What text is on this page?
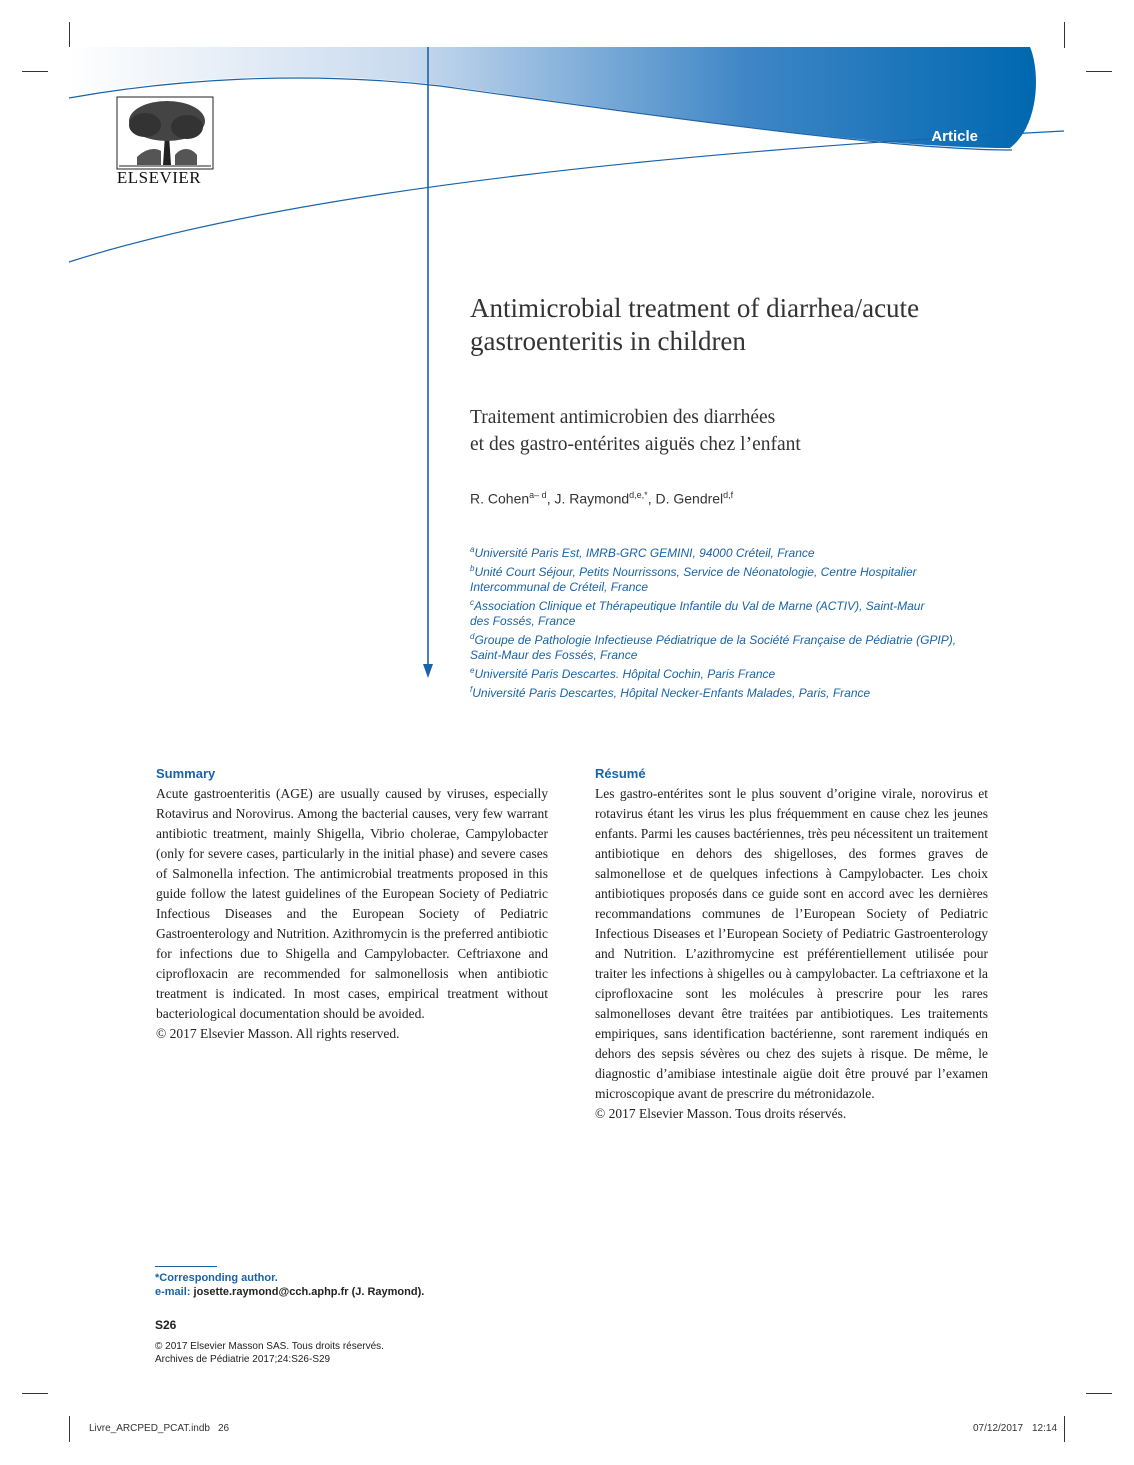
ELSEVIER
Article
Antimicrobial treatment of diarrhea/acute
gastroenteritis in children
Traitement antimicrobien des diarrhées
et des gastro-entérites aiguës chez l’enfant
R. Cohen$^{a- d}$, J. Raymond$^{d,e,*}$, D. Gendrel$^{d,f}$
$^a$Université Paris Est, IMRB-GRC GEMINI, 94000 Créteil, France
$^b$Unité Court Séjour, Petits Nourrissons, Service de Néonatologie, Centre Hospitalier
Intercommunal de Créteil, France
$^c$Association Clinique et Thérapeutique Infantile du Val de Marne (ACTIV), Saint-Maur
des Fossés, France
$^d$Groupe de Pathologie Infectieuse Pédiatrique de la Société Française de Pédiatrie (GPIP),
Saint-Maur des Fossés, France
$^e$Université Paris Descartes. Hôpital Cochin, Paris France
$^f$Université Paris Descartes, Hôpital Necker-Enfants Malades, Paris, France
Summary
Acute gastroenteritis (AGE) are usually caused by viruses, especially Rotavirus and Norovirus. Among the bacterial causes, very few warrant antibiotic treatment, mainly Shigella, Vibrio cholerae, Campylobacter (only for severe cases, particularly in the initial phase) and severe cases of Salmonella infection. The antimicrobial treatments proposed in this guide follow the latest guidelines of the European Society of Pediatric Infectious Diseases and the European Society of Pediatric Gastroenterology and Nutrition. Azithromycin is the preferred antibiotic for infections due to Shigella and Campylobacter. Ceftriaxone and ciprofloxacin are recommended for salmonellosis when antibiotic treatment is indicated. In most cases, empirical treatment without bacteriological documentation should be avoided.
© 2017 Elsevier Masson. All rights reserved.
Résumé
Les gastro-entérites sont le plus souvent d’origine virale, norovirus et rotavirus étant les virus les plus fréquemment en cause chez les jeunes enfants. Parmi les causes bactériennes, très peu nécessitent un traitement antibiotique en dehors des shigelloses, des formes graves de salmonellose et de quelques infections à Campylobacter. Les choix antibiotiques proposés dans ce guide sont en accord avec les dernières recommandations communes de l’European Society of Pediatric Infectious Diseases et l’European Society of Pediatric Gastroenterology and Nutrition. L’azithromycine est préférentiellement utilisée pour traiter les infections à shigelles ou à campylobacter. La ceftriaxone et la ciprofloxacine sont les molécules à prescrire pour les rares salmonelloses devant être traitées par antibiotiques. Les traitements empiriques, sans identification bactérienne, sont rarement indiqués en dehors des sepsis sévères ou chez des sujets à risque. De même, le diagnostic d’amibiase intestinale aigüe doit être prouvé par l’examen microscopique avant de prescrire du métronidazole.
© 2017 Elsevier Masson. Tous droits réservés.
*Corresponding author.
e-mail: josette.raymond@cch.aphp.fr (J. Raymond).
S26
© 2017 Elsevier Masson SAS. Tous droits réservés.
Archives de Pédiatrie 2017;24:S26-S29
Livre_ARCPED_PCAT.indb 26	07/12/2017 12:14
